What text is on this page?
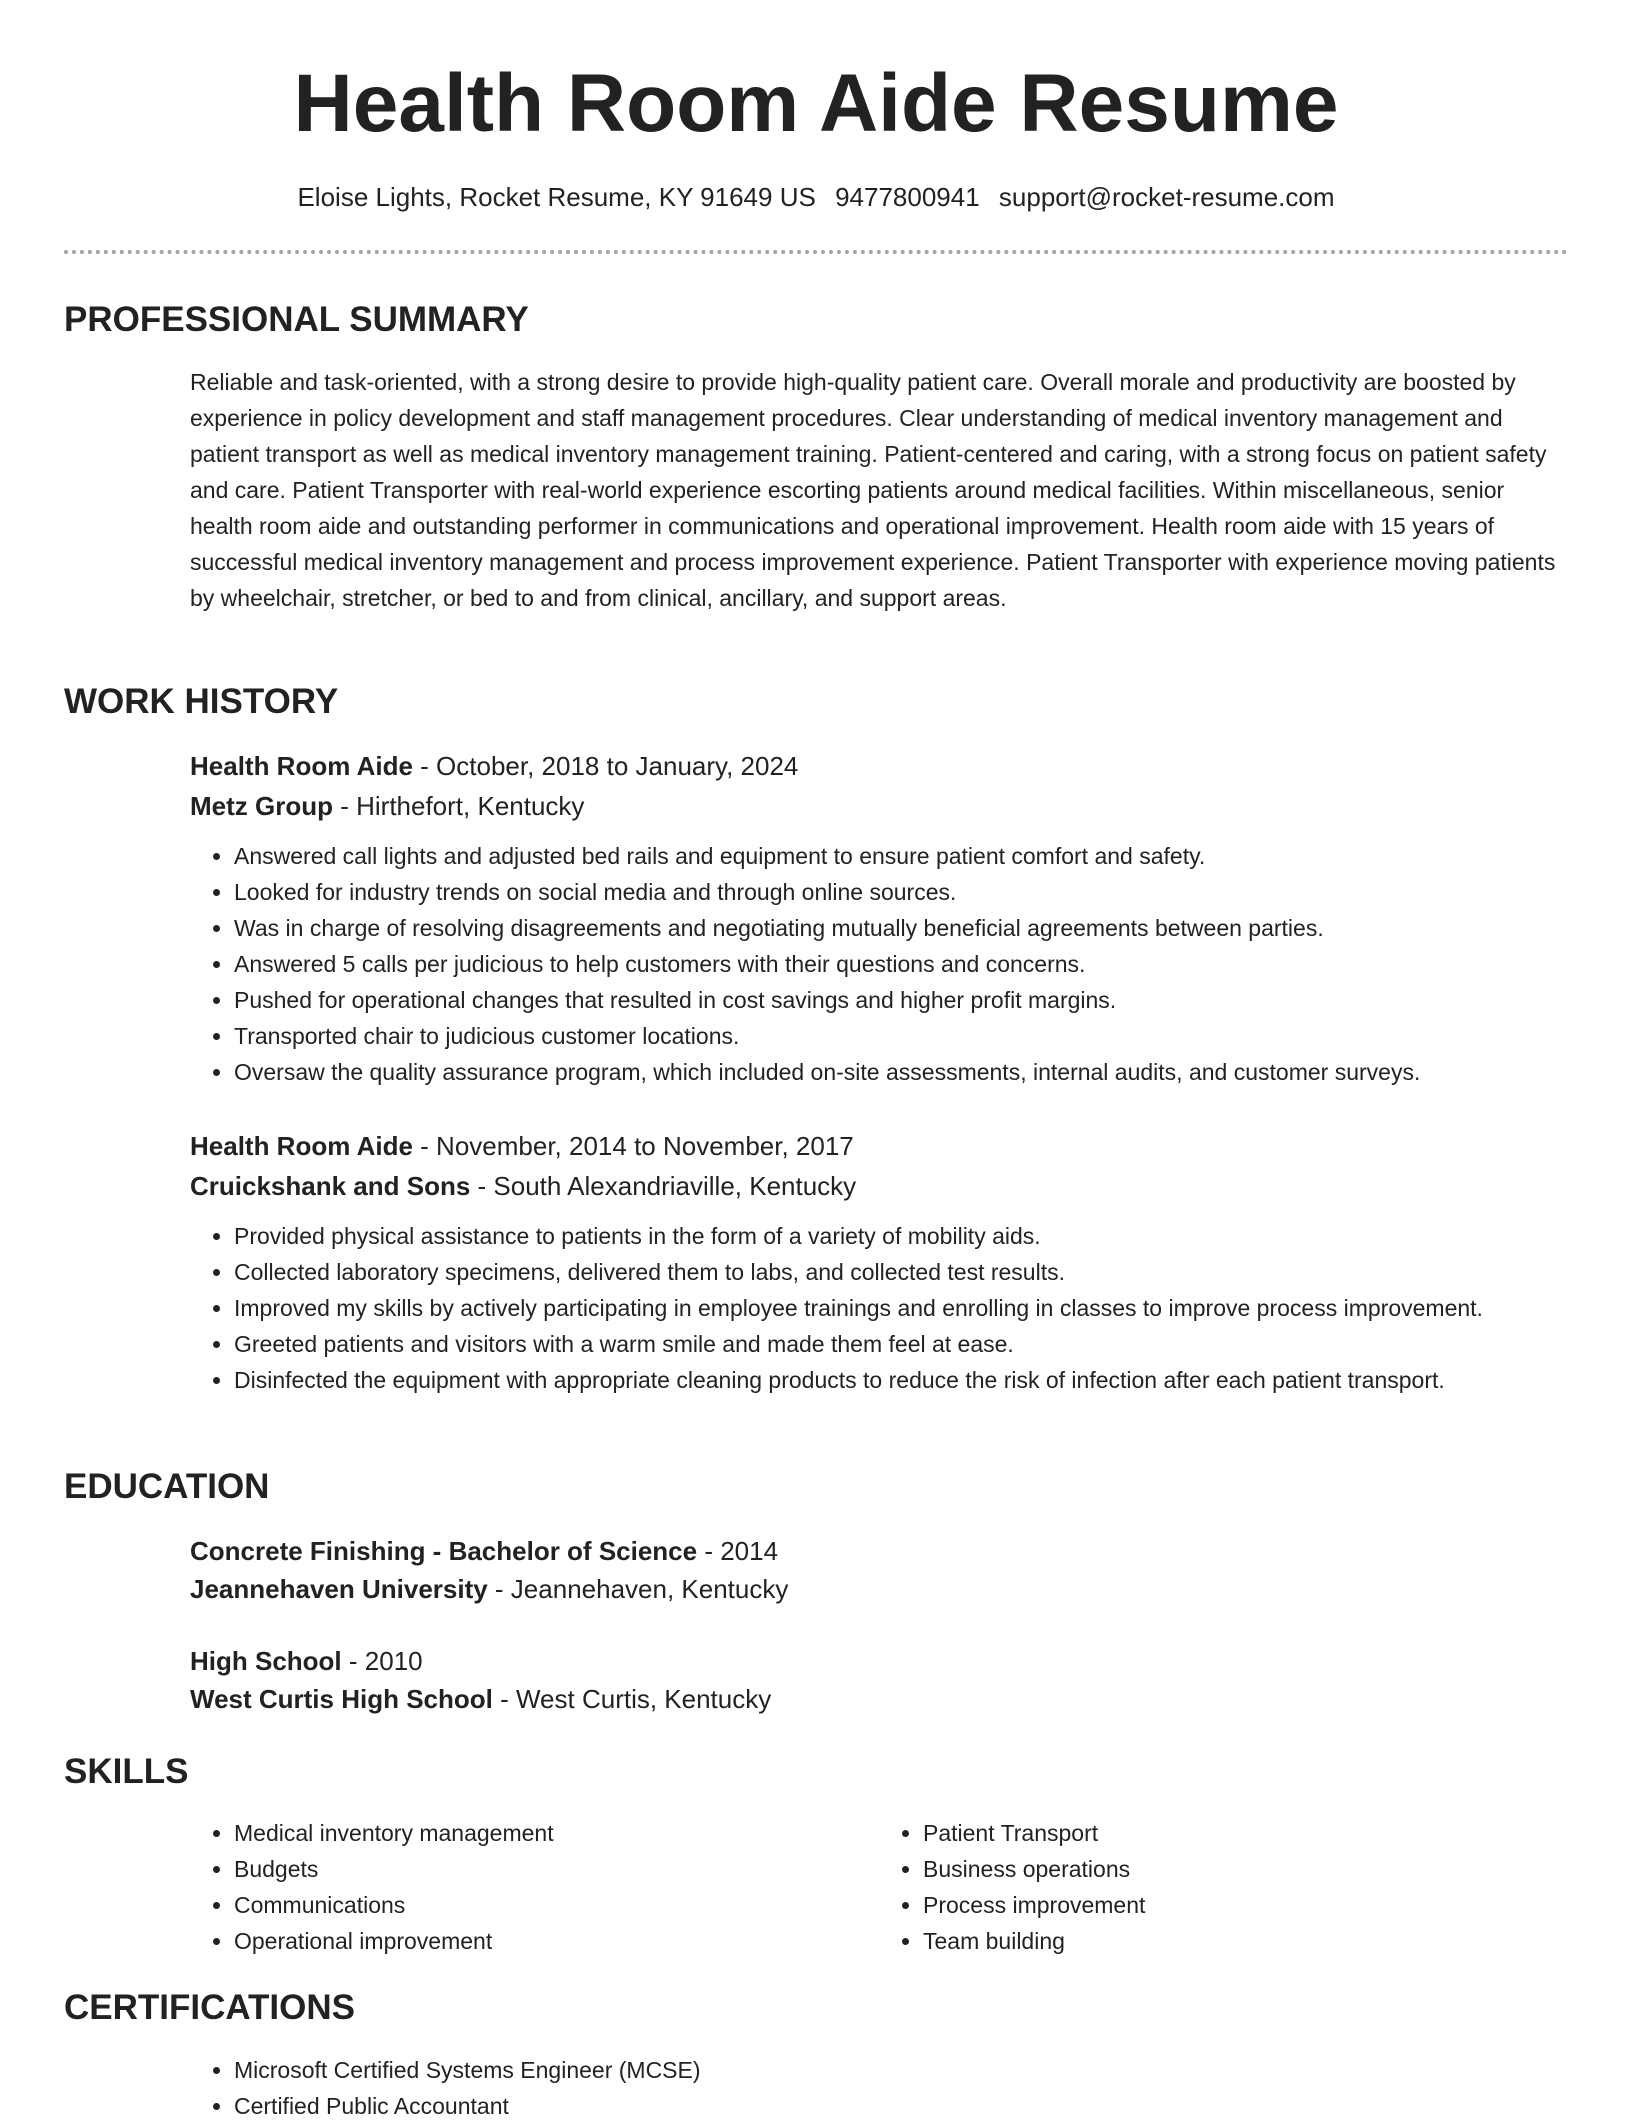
Health Room Aide Resume
Eloise Lights, Rocket Resume, KY 91649 US 9477800941 support@rocket-resume.com
PROFESSIONAL SUMMARY

Reliable and task-oriented, with a strong desire to provide high-quality patient care. Overall morale and productivity are boosted by experience in policy development and staff management procedures. Clear understanding of medical inventory management and patient transport as well as medical inventory management training. Patient-centered and caring, with a strong focus on patient safety and care. Patient Transporter with real-world experience escorting patients around medical facilities. Within miscellaneous, senior health room aide and outstanding performer in communications and operational improvement. Health room aide with 15 years of successful medical inventory management and process improvement experience. Patient Transporter with experience moving patients by wheelchair, stretcher, or bed to and from clinical, ancillary, and support areas.

WORK HISTORY

Health Room Aide - October, 2018 to January, 2024

Metz Group - Hirthefort, Kentucky

• Answered call lights and adjusted bed rails and equipment to ensure patient comfort and safety.
• Looked for industry trends on social media and through online sources.
• Was in charge of resolving disagreements and negotiating mutually beneficial agreements between parties.
• Answered 5 calls per judicious to help customers with their questions and concerns.
• Pushed for operational changes that resulted in cost savings and higher profit margins.
• Transported chair to judicious customer locations.
• Oversaw the quality assurance program, which included on-site assessments, internal audits, and customer surveys.

Health Room Aide - November, 2014 to November, 2017

Cruickshank and Sons - South Alexandriaville, Kentucky

• Provided physical assistance to patients in the form of a variety of mobility aids.
• Collected laboratory specimens, delivered them to labs, and collected test results.
• Improved my skills by actively participating in employee trainings and enrolling in classes to improve process improvement.
• Greeted patients and visitors with a warm smile and made them feel at ease.
• Disinfected the equipment with appropriate cleaning products to reduce the risk of infection after each patient transport.
EDUCATION

Concrete Finishing - Bachelor of Science - 2014

Jeannehaven University - Jeannehaven, Kentucky

High School - 2010

West Curtis High School - West Curtis, Kentucky

SKILLS
• Medical inventory management
• Budgets
• Communications
• Operational improvement
• Patient Transport
• Business operations
• Process improvement
• Team building
CERTIFICATIONS
• Microsoft Certified Systems Engineer (MCSE)
• Certified Public Accountant
